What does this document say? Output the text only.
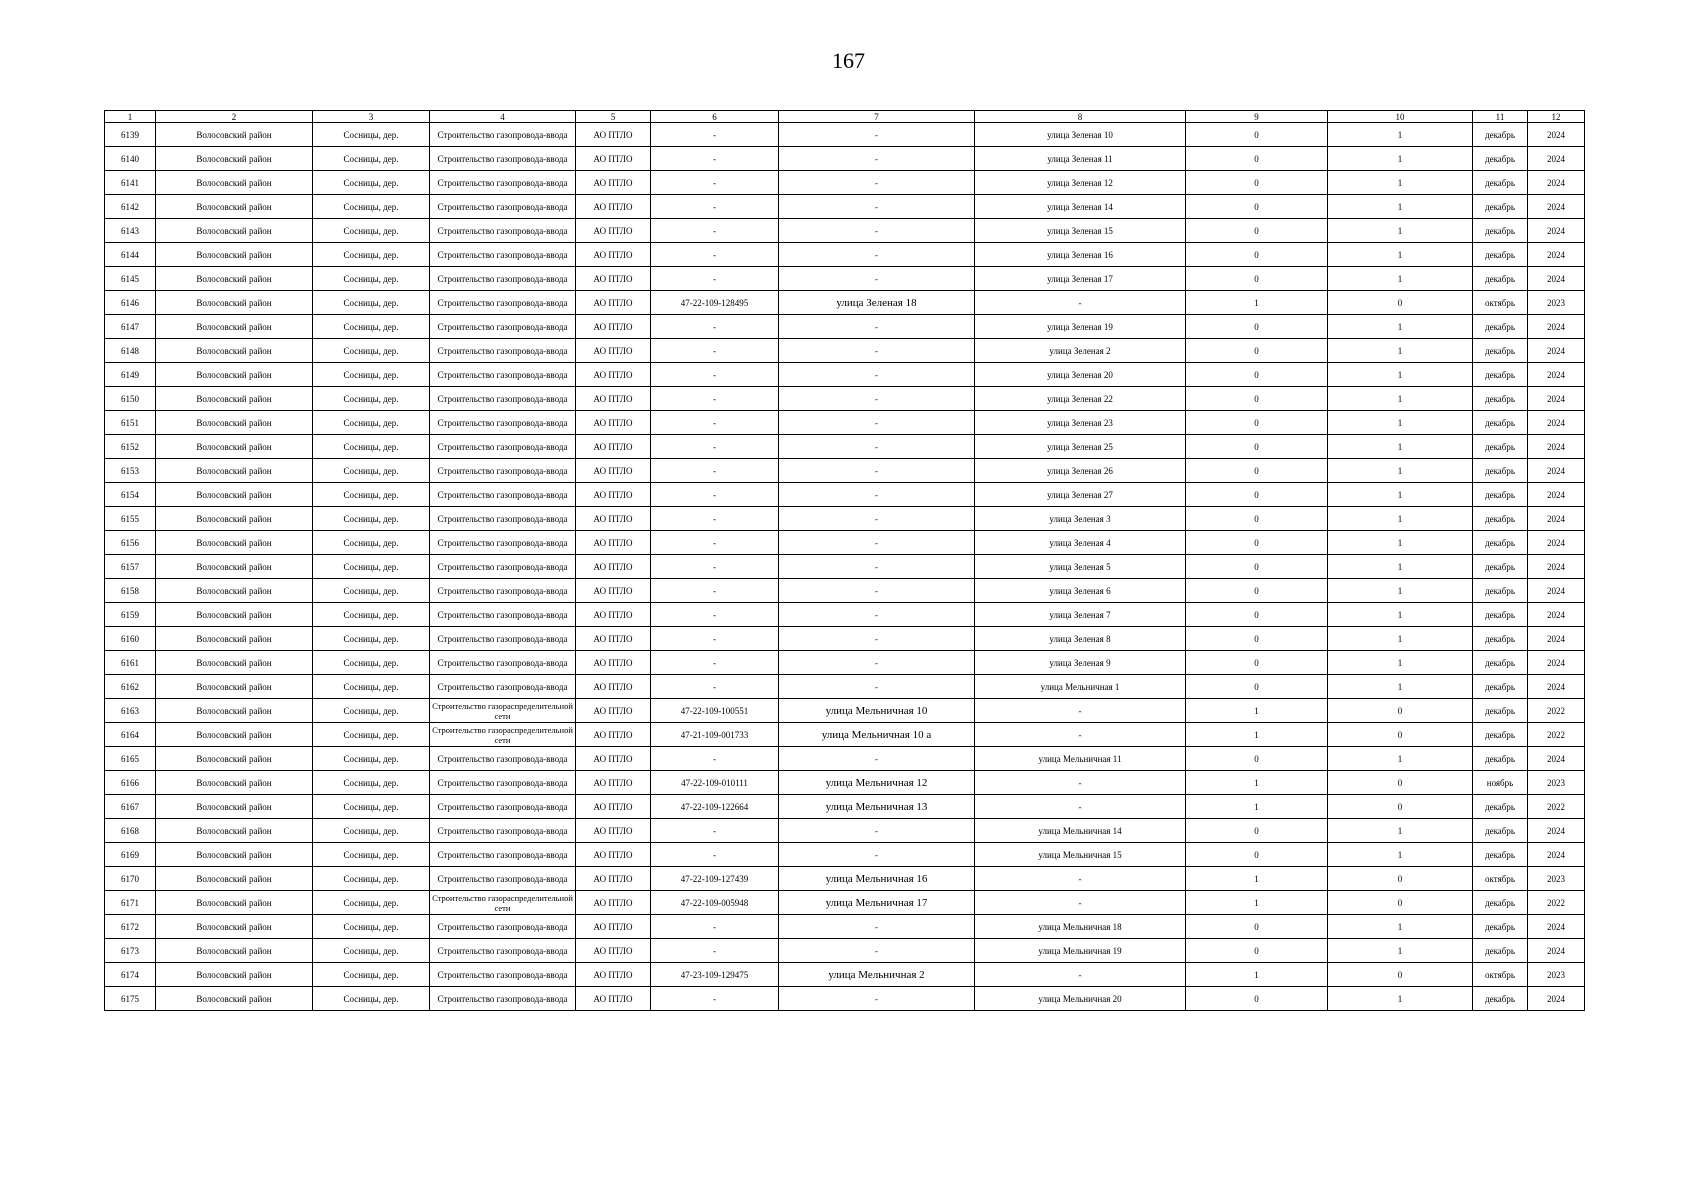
167
1	2	3	4	5	6	7	8	9	10	11	12
6139	Волосовский район	Сосницы, дер.	Строительство газопровода-ввода	АО ПТЛО	-	-	улица Зеленая 10	0	1	декабрь	2024
6140	Волосовский район	Сосницы, дер.	Строительство газопровода-ввода	АО ПТЛО	-	-	улица Зеленая 11	0	1	декабрь	2024
6141	Волосовский район	Сосницы, дер.	Строительство газопровода-ввода	АО ПТЛО	-	-	улица Зеленая 12	0	1	декабрь	2024
6142	Волосовский район	Сосницы, дер.	Строительство газопровода-ввода	АО ПТЛО	-	-	улица Зеленая 14	0	1	декабрь	2024
6143	Волосовский район	Сосницы, дер.	Строительство газопровода-ввода	АО ПТЛО	-	-	улица Зеленая 15	0	1	декабрь	2024
6144	Волосовский район	Сосницы, дер.	Строительство газопровода-ввода	АО ПТЛО	-	-	улица Зеленая 16	0	1	декабрь	2024
6145	Волосовский район	Сосницы, дер.	Строительство газопровода-ввода	АО ПТЛО	-	-	улица Зеленая 17	0	1	декабрь	2024
6146	Волосовский район	Сосницы, дер.	Строительство газопровода-ввода	АО ПТЛО	47-22-109-128495	улица Зеленая 18	-	1	0	октябрь	2023
6147	Волосовский район	Сосницы, дер.	Строительство газопровода-ввода	АО ПТЛО	-	-	улица Зеленая 19	0	1	декабрь	2024
6148	Волосовский район	Сосницы, дер.	Строительство газопровода-ввода	АО ПТЛО	-	-	улица Зеленая 2	0	1	декабрь	2024
6149	Волосовский район	Сосницы, дер.	Строительство газопровода-ввода	АО ПТЛО	-	-	улица Зеленая 20	0	1	декабрь	2024
6150	Волосовский район	Сосницы, дер.	Строительство газопровода-ввода	АО ПТЛО	-	-	улица Зеленая 22	0	1	декабрь	2024
6151	Волосовский район	Сосницы, дер.	Строительство газопровода-ввода	АО ПТЛО	-	-	улица Зеленая 23	0	1	декабрь	2024
6152	Волосовский район	Сосницы, дер.	Строительство газопровода-ввода	АО ПТЛО	-	-	улица Зеленая 25	0	1	декабрь	2024
6153	Волосовский район	Сосницы, дер.	Строительство газопровода-ввода	АО ПТЛО	-	-	улица Зеленая 26	0	1	декабрь	2024
6154	Волосовский район	Сосницы, дер.	Строительство газопровода-ввода	АО ПТЛО	-	-	улица Зеленая 27	0	1	декабрь	2024
6155	Волосовский район	Сосницы, дер.	Строительство газопровода-ввода	АО ПТЛО	-	-	улица Зеленая 3	0	1	декабрь	2024
6156	Волосовский район	Сосницы, дер.	Строительство газопровода-ввода	АО ПТЛО	-	-	улица Зеленая 4	0	1	декабрь	2024
6157	Волосовский район	Сосницы, дер.	Строительство газопровода-ввода	АО ПТЛО	-	-	улица Зеленая 5	0	1	декабрь	2024
6158	Волосовский район	Сосницы, дер.	Строительство газопровода-ввода	АО ПТЛО	-	-	улица Зеленая 6	0	1	декабрь	2024
6159	Волосовский район	Сосницы, дер.	Строительство газопровода-ввода	АО ПТЛО	-	-	улица Зеленая 7	0	1	декабрь	2024
6160	Волосовский район	Сосницы, дер.	Строительство газопровода-ввода	АО ПТЛО	-	-	улица Зеленая 8	0	1	декабрь	2024
6161	Волосовский район	Сосницы, дер.	Строительство газопровода-ввода	АО ПТЛО	-	-	улица Зеленая 9	0	1	декабрь	2024
6162	Волосовский район	Сосницы, дер.	Строительство газопровода-ввода	АО ПТЛО	-	-	улица Мельничная 1	0	1	декабрь	2024
6163	Волосовский район	Сосницы, дер.	Строительство газораспределительной сети	АО ПТЛО	47-22-109-100551	улица Мельничная 10	-	1	0	декабрь	2022
6164	Волосовский район	Сосницы, дер.	Строительство газораспределительной сети	АО ПТЛО	47-21-109-001733	улица Мельничная 10 а	-	1	0	декабрь	2022
6165	Волосовский район	Сосницы, дер.	Строительство газопровода-ввода	АО ПТЛО	-	-	улица Мельничная 11	0	1	декабрь	2024
6166	Волосовский район	Сосницы, дер.	Строительство газопровода-ввода	АО ПТЛО	47-22-109-010111	улица Мельничная 12	-	1	0	ноябрь	2023
6167	Волосовский район	Сосницы, дер.	Строительство газопровода-ввода	АО ПТЛО	47-22-109-122664	улица Мельничная 13	-	1	0	декабрь	2022
6168	Волосовский район	Сосницы, дер.	Строительство газопровода-ввода	АО ПТЛО	-	-	улица Мельничная 14	0	1	декабрь	2024
6169	Волосовский район	Сосницы, дер.	Строительство газопровода-ввода	АО ПТЛО	-	-	улица Мельничная 15	0	1	декабрь	2024
6170	Волосовский район	Сосницы, дер.	Строительство газопровода-ввода	АО ПТЛО	47-22-109-127439	улица Мельничная 16	-	1	0	октябрь	2023
6171	Волосовский район	Сосницы, дер.	Строительство газораспределительной сети	АО ПТЛО	47-22-109-005948	улица Мельничная 17	-	1	0	декабрь	2022
6172	Волосовский район	Сосницы, дер.	Строительство газопровода-ввода	АО ПТЛО	-	-	улица Мельничная 18	0	1	декабрь	2024
6173	Волосовский район	Сосницы, дер.	Строительство газопровода-ввода	АО ПТЛО	-	-	улица Мельничная 19	0	1	декабрь	2024
6174	Волосовский район	Сосницы, дер.	Строительство газопровода-ввода	АО ПТЛО	47-23-109-129475	улица Мельничная 2	-	1	0	октябрь	2023
6175	Волосовский район	Сосницы, дер.	Строительство газопровода-ввода	АО ПТЛО	-	-	улица Мельничная 20	0	1	декабрь	2024
